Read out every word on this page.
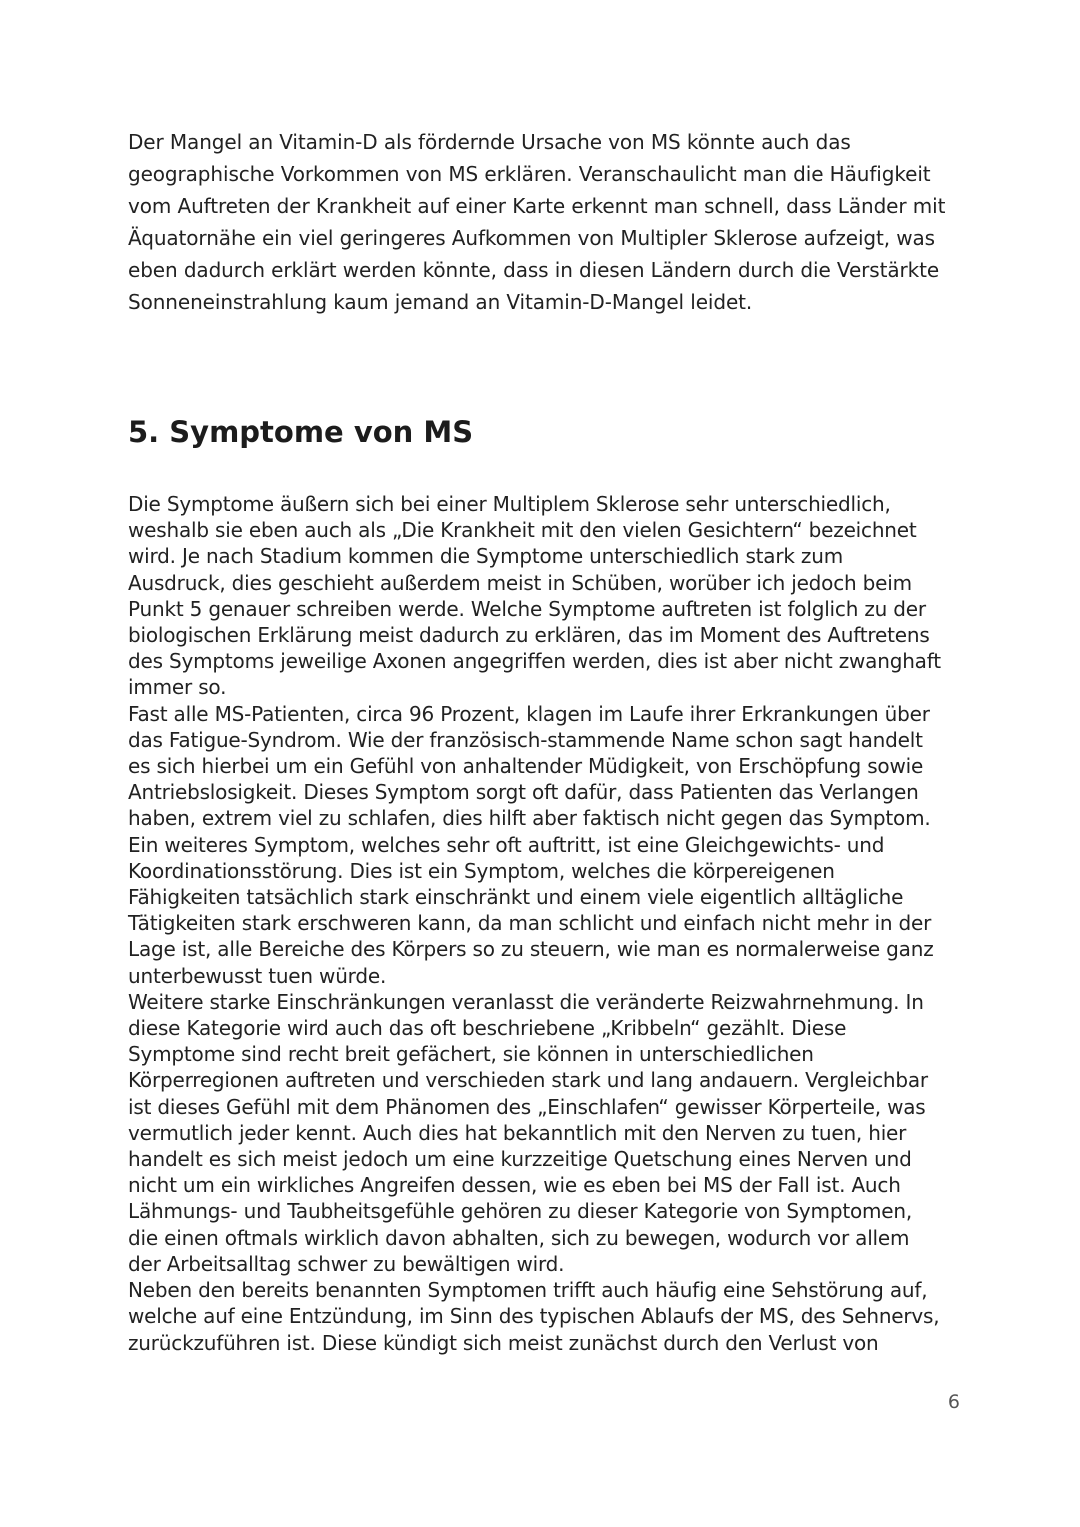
Der Mangel an Vitamin-D als fördernde Ursache von MS könnte auch das
geographische Vorkommen von MS erklären. Veranschaulicht man die Häufigkeit
vom Auftreten der Krankheit auf einer Karte erkennt man schnell, dass Länder mit
Äquatornähe ein viel geringeres Aufkommen von Multipler Sklerose aufzeigt, was
eben dadurch erklärt werden könnte, dass in diesen Ländern durch die Verstärkte
Sonneneinstrahlung kaum jemand an Vitamin-D-Mangel leidet.
5. Symptome von MS
Die Symptome äußern sich bei einer Multiplem Sklerose sehr unterschiedlich,
weshalb sie eben auch als „Die Krankheit mit den vielen Gesichtern“ bezeichnet
wird. Je nach Stadium kommen die Symptome unterschiedlich stark zum
Ausdruck, dies geschieht außerdem meist in Schüben, worüber ich jedoch beim
Punkt 5 genauer schreiben werde. Welche Symptome auftreten ist folglich zu der
biologischen Erklärung meist dadurch zu erklären, das im Moment des Auftretens
des Symptoms jeweilige Axonen angegriffen werden, dies ist aber nicht zwanghaft
immer so.
Fast alle MS-Patienten, circa 96 Prozent, klagen im Laufe ihrer Erkrankungen über
das Fatigue-Syndrom. Wie der französisch-stammende Name schon sagt handelt
es sich hierbei um ein Gefühl von anhaltender Müdigkeit, von Erschöpfung sowie
Antriebslosigkeit. Dieses Symptom sorgt oft dafür, dass Patienten das Verlangen
haben, extrem viel zu schlafen, dies hilft aber faktisch nicht gegen das Symptom.
Ein weiteres Symptom, welches sehr oft auftritt, ist eine Gleichgewichts- und
Koordinationsstörung. Dies ist ein Symptom, welches die körpereigenen
Fähigkeiten tatsächlich stark einschränkt und einem viele eigentlich alltägliche
Tätigkeiten stark erschweren kann, da man schlicht und einfach nicht mehr in der
Lage ist, alle Bereiche des Körpers so zu steuern, wie man es normalerweise ganz
unterbewusst tuen würde.
Weitere starke Einschränkungen veranlasst die veränderte Reizwahrnehmung. In
diese Kategorie wird auch das oft beschriebene „Kribbeln“ gezählt. Diese
Symptome sind recht breit gefächert, sie können in unterschiedlichen
Körperregionen auftreten und verschieden stark und lang andauern. Vergleichbar
ist dieses Gefühl mit dem Phänomen des „Einschlafen“ gewisser Körperteile, was
vermutlich jeder kennt. Auch dies hat bekanntlich mit den Nerven zu tuen, hier
handelt es sich meist jedoch um eine kurzzeitige Quetschung eines Nerven und
nicht um ein wirkliches Angreifen dessen, wie es eben bei MS der Fall ist. Auch
Lähmungs- und Taubheitsgefühle gehören zu dieser Kategorie von Symptomen,
die einen oftmals wirklich davon abhalten, sich zu bewegen, wodurch vor allem
der Arbeitsalltag schwer zu bewältigen wird.
Neben den bereits benannten Symptomen trifft auch häufig eine Sehstörung auf,
welche auf eine Entzündung, im Sinn des typischen Ablaufs der MS, des Sehnervs,
zurückzuführen ist. Diese kündigt sich meist zunächst durch den Verlust von
6
